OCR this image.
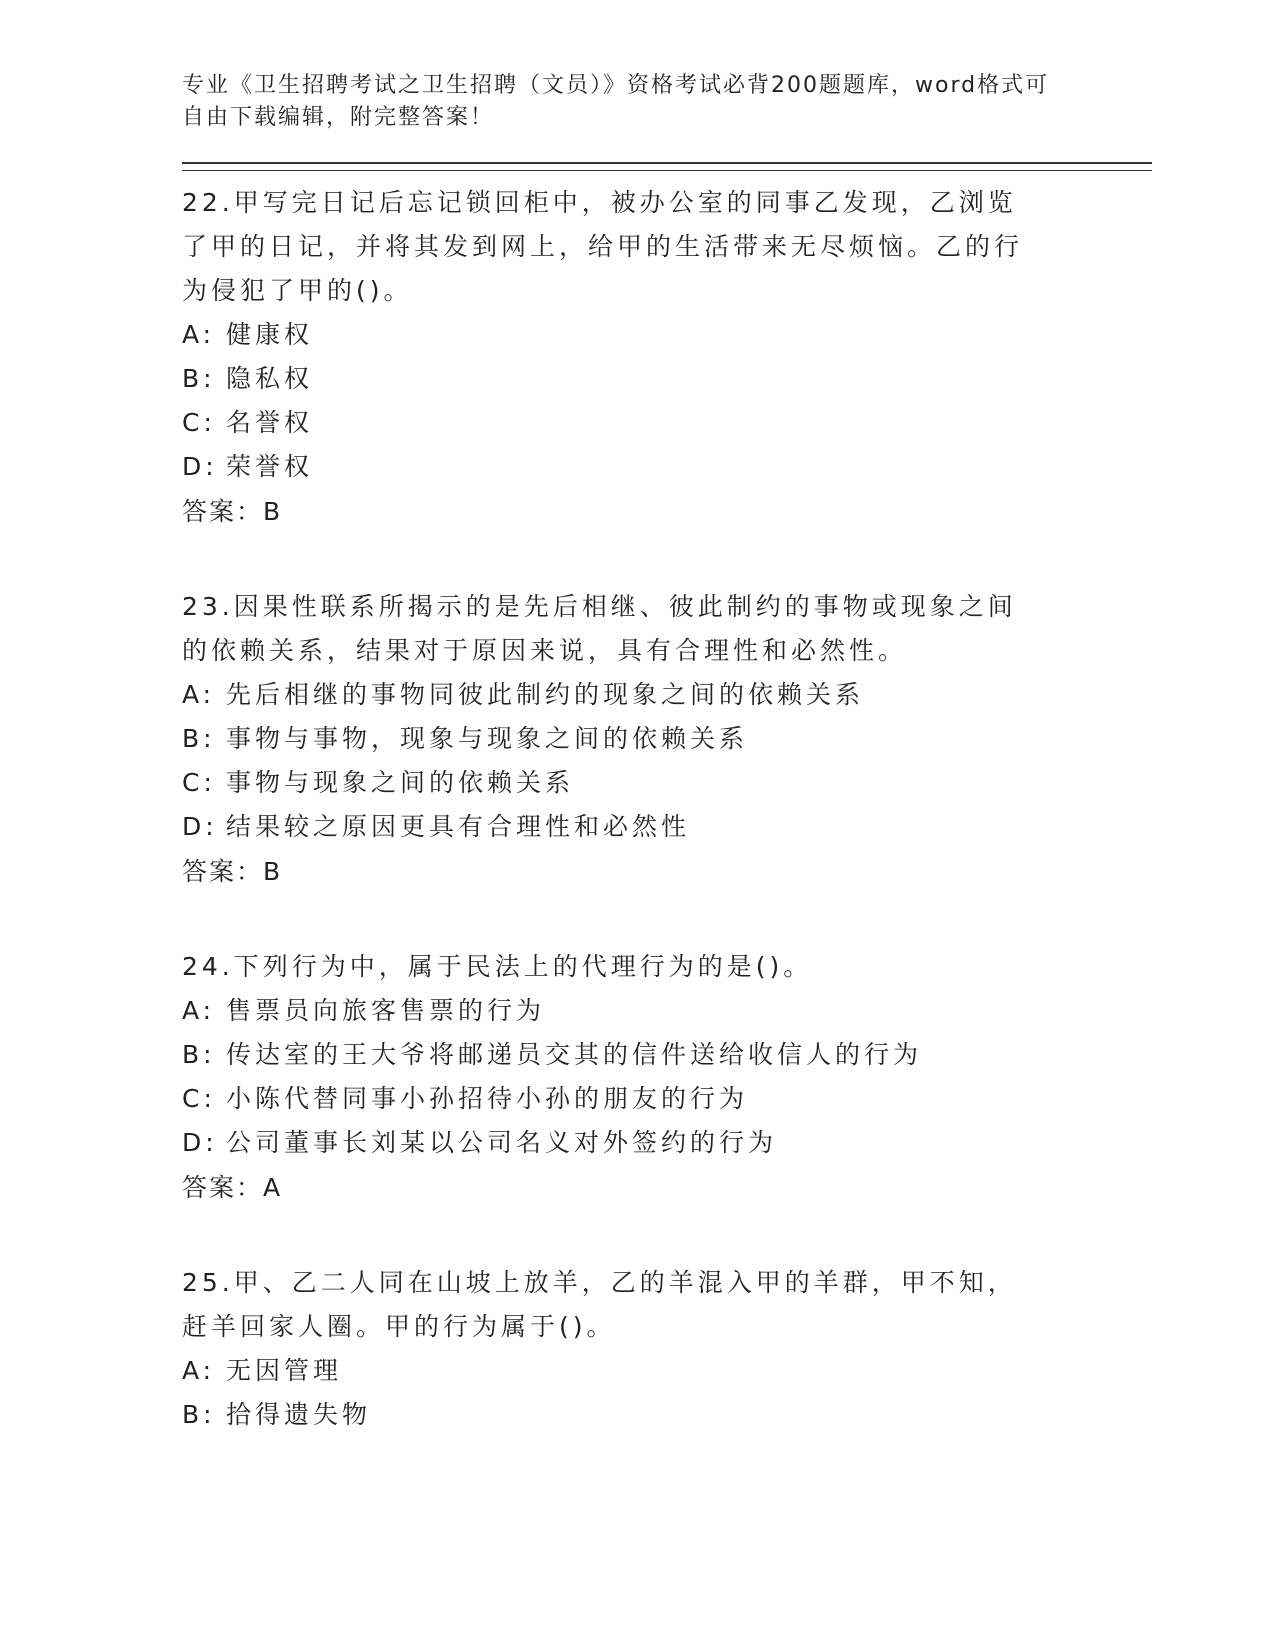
专业《卫生招聘考试之卫生招聘（文员）》资格考试必背200题题库，word格式可自由下载编辑，附完整答案！

22.甲写完日记后忘记锁回柜中，被办公室的同事乙发现，乙浏览了甲的日记，并将其发到网上，给甲的生活带来无尽烦恼。乙的行为侵犯了甲的()。

A: 健康权

B: 隐私权

C: 名誉权

D: 荣誉权

答案：B

23.因果性联系所揭示的是先后相继、彼此制约的事物或现象之间的依赖关系，结果对于原因来说，具有合理性和必然性。

A: 先后相继的事物同彼此制约的现象之间的依赖关系

B: 事物与事物，现象与现象之间的依赖关系

C: 事物与现象之间的依赖关系

D: 结果较之原因更具有合理性和必然性

答案：B

24.下列行为中，属于民法上的代理行为的是()。

A: 售票员向旅客售票的行为

B: 传达室的王大爷将邮递员交其的信件送给收信人的行为

C: 小陈代替同事小孙招待小孙的朋友的行为

D: 公司董事长刘某以公司名义对外签约的行为

答案：A

25.甲、乙二人同在山坡上放羊，乙的羊混入甲的羊群，甲不知，赶羊回家人圈。甲的行为属于()。

A: 无因管理

B: 拾得遗失物
